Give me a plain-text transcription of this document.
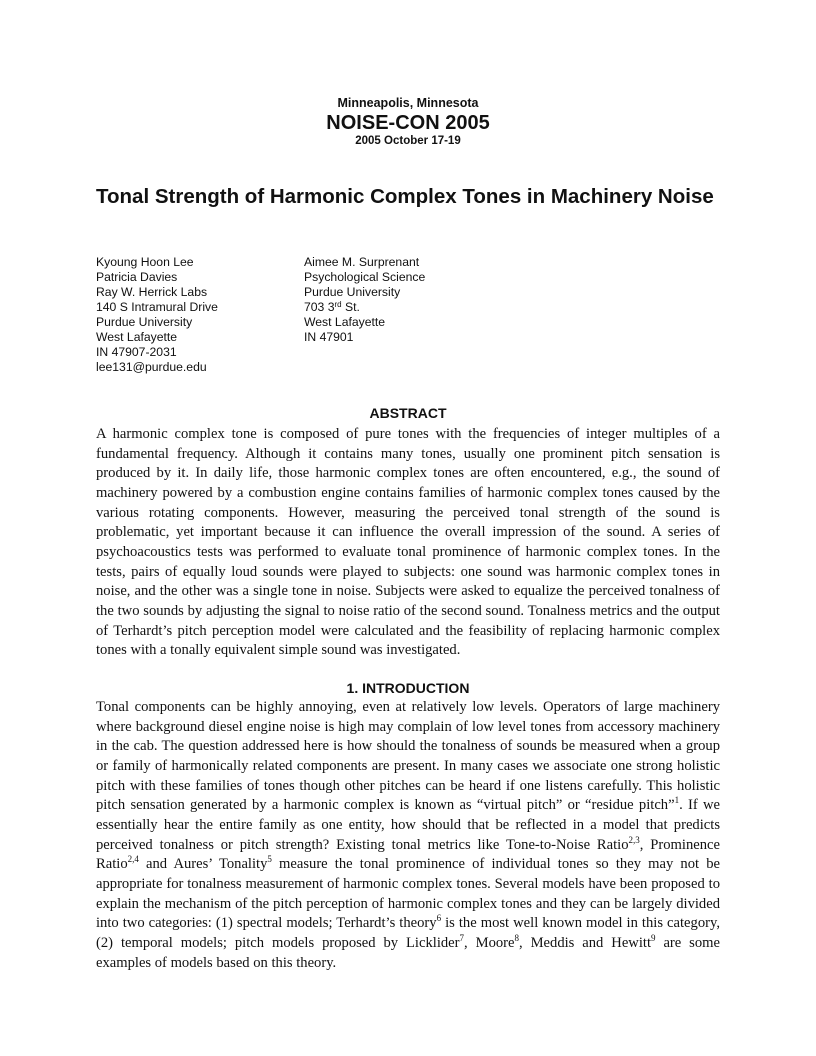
Minneapolis, Minnesota
NOISE-CON 2005
2005 October 17-19
Tonal Strength of Harmonic Complex Tones in Machinery Noise
Kyoung Hoon Lee
Patricia Davies
Ray W. Herrick Labs
140 S Intramural Drive
Purdue University
West Lafayette
IN 47907-2031
lee131@purdue.edu
Aimee M. Surprenant
Psychological Science
Purdue University
703 3rd St.
West Lafayette
IN 47901
ABSTRACT

A harmonic complex tone is composed of pure tones with the frequencies of integer multiples of a fundamental frequency. Although it contains many tones, usually one prominent pitch sensation is produced by it. In daily life, those harmonic complex tones are often encountered, e.g., the sound of machinery powered by a combustion engine contains families of harmonic complex tones caused by the various rotating components. However, measuring the perceived tonal strength of the sound is problematic, yet important because it can influence the overall impression of the sound. A series of psychoacoustics tests was performed to evaluate tonal prominence of harmonic complex tones. In the tests, pairs of equally loud sounds were played to subjects: one sound was harmonic complex tones in noise, and the other was a single tone in noise. Subjects were asked to equalize the perceived tonalness of the two sounds by adjusting the signal to noise ratio of the second sound. Tonalness metrics and the output of Terhardt’s pitch perception model were calculated and the feasibility of replacing harmonic complex tones with a tonally equivalent simple sound was investigated.

1. INTRODUCTION

Tonal components can be highly annoying, even at relatively low levels. Operators of large machinery where background diesel engine noise is high may complain of low level tones from accessory machinery in the cab. The question addressed here is how should the tonalness of sounds be measured when a group or family of harmonically related components are present. In many cases we associate one strong holistic pitch with these families of tones though other pitches can be heard if one listens carefully. This holistic pitch sensation generated by a harmonic complex is known as “virtual pitch” or “residue pitch”$^1$. If we essentially hear the entire family as one entity, how should that be reflected in a model that predicts perceived tonalness or pitch strength? Existing tonal metrics like Tone-to-Noise Ratio$^{2,3}$, Prominence Ratio$^{2,4}$ and Aures’ Tonality$^5$ measure the tonal prominence of individual tones so they may not be appropriate for tonalness measurement of harmonic complex tones. Several models have been proposed to explain the mechanism of the pitch perception of harmonic complex tones and they can be largely divided into two categories: (1) spectral models; Terhardt’s theory$^6$ is the most well known model in this category, (2) temporal models; pitch models proposed by Licklider$^7$, Moore$^8$, Meddis and Hewitt$^9$ are some examples of models based on this theory.
